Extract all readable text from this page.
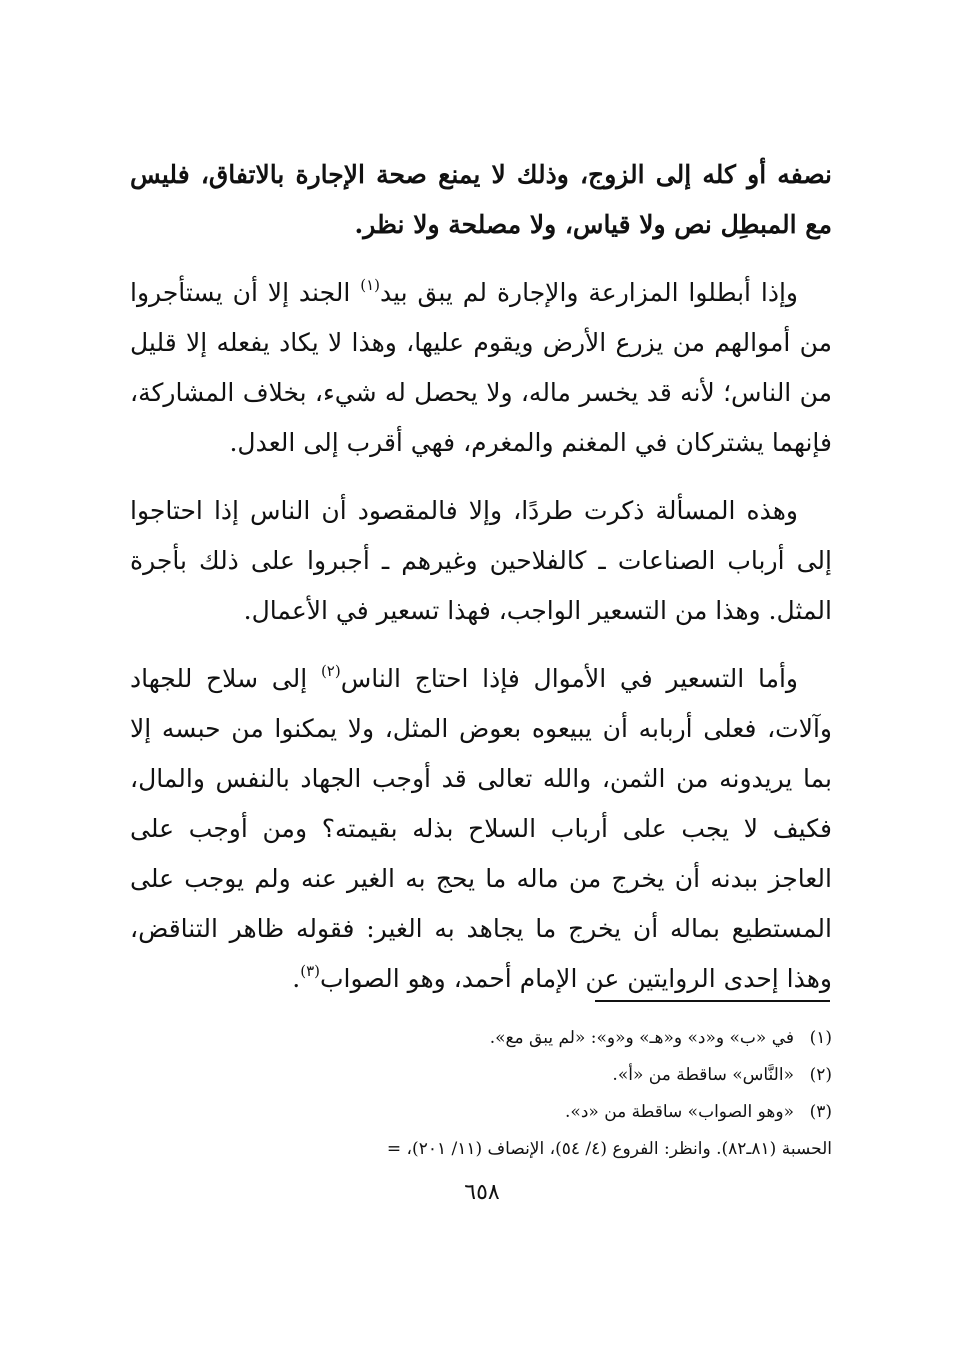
نصفه أو كله إلى الزوج، وذلك لا يمنع صحة الإجارة بالاتفاق، فليس مع المبطِل نص ولا قياس، ولا مصلحة ولا نظر.

وإذا أبطلوا المزارعة والإجارة لم يبق بيد$^{(١)}$ الجند إلا أن يستأجروا من أموالهم من يزرع الأرض ويقوم عليها، وهذا لا يكاد يفعله إلا قليل من الناس؛ لأنه قد يخسر ماله، ولا يحصل له شيء، بخلاف المشاركة، فإنهما يشتركان في المغنم والمغرم، فهي أقرب إلى العدل.

وهذه المسألة ذكرت طردًا، وإلا فالمقصود أن الناس إذا احتاجوا إلى أرباب الصناعات ـ كالفلاحين وغيرهم ـ أجبروا على ذلك بأجرة المثل. وهذا من التسعير الواجب، فهذا تسعير في الأعمال.

وأما التسعير في الأموال فإذا احتاج الناس$^{(٢)}$ إلى سلاح للجهاد وآلات، فعلى أربابه أن يبيعوه بعوض المثل، ولا يمكنوا من حبسه إلا بما يريدونه من الثمن، والله تعالى قد أوجب الجهاد بالنفس والمال، فكيف لا يجب على أرباب السلاح بذله بقيمته؟ ومن أوجب على العاجز ببدنه أن يخرج من ماله ما يحج به الغير عنه ولم يوجب على المستطيع بماله أن يخرج ما يجاهد به الغير: فقوله ظاهر التناقض، وهذا إحدى الروايتين عن الإمام أحمد، وهو الصواب$^{(٣)}$.

(١)
في «ب» و«د» و«هـ» و«و»: «لم يبق مع».
(٢)
«النَّاس» ساقطة من «أ».
(٣)
«وهو الصواب» ساقطة من «د».
الحسبة (٨١ـ٨٢). وانظر: الفروع (٤/ ٥٤)، الإنصاف (١١/ ٢٠١)، =
٦٥٨
